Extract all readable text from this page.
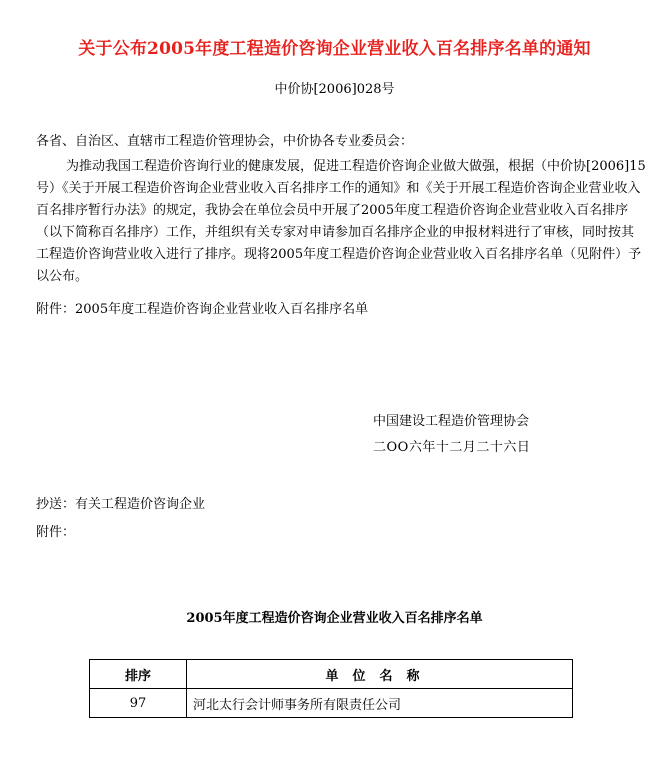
关于公布2005年度工程造价咨询企业营业收入百名排序名单的通知
中价协[2006]028号
各省、自治区、直辖市工程造价管理协会，中价协各专业委员会：
为推动我国工程造价咨询行业的健康发展，促进工程造价咨询企业做大做强，根据（中价协[2006]15号）《关于开展工程造价咨询企业营业收入百名排序工作的通知》和《关于开展工程造价咨询企业营业收入百名排序暂行办法》的规定，我协会在单位会员中开展了2005年度工程造价咨询企业营业收入百名排序（以下简称百名排序）工作，并组织有关专家对申请参加百名排序企业的申报材料进行了审核，同时按其工程造价咨询营业收入进行了排序。现将2005年度工程造价咨询企业营业收入百名排序名单（见附件）予以公布。
附件：2005年度工程造价咨询企业营业收入百名排序名单
中国建设工程造价管理协会
二OO六年十二月二十六日
抄送：有关工程造价咨询企业
附件：
2005年度工程造价咨询企业营业收入百名排序名单
排序	单位名称
97	河北太行会计师事务所有限责任公司
